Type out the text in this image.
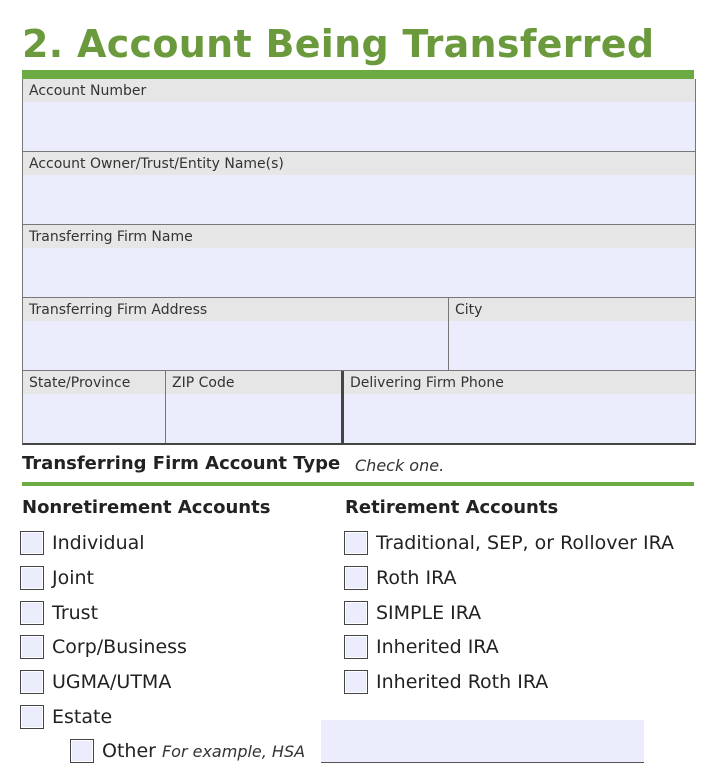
2. Account Being Transferred
Account Number
Account Owner/Trust/Entity Name(s)
Transferring Firm Name
Transferring Firm Address	City
State/Province	ZIP Code	Delivering Firm Phone
Transferring Firm Account Type Check one.
Nonretirement Accounts	Retirement Accounts
Individual
Joint
Trust
Corp/Business
UGMA/UTMA
Estate
Traditional, SEP, or Rollover IRA
Roth IRA
SIMPLE IRA
Inherited IRA
Inherited Roth IRA
Other For example, HSA
